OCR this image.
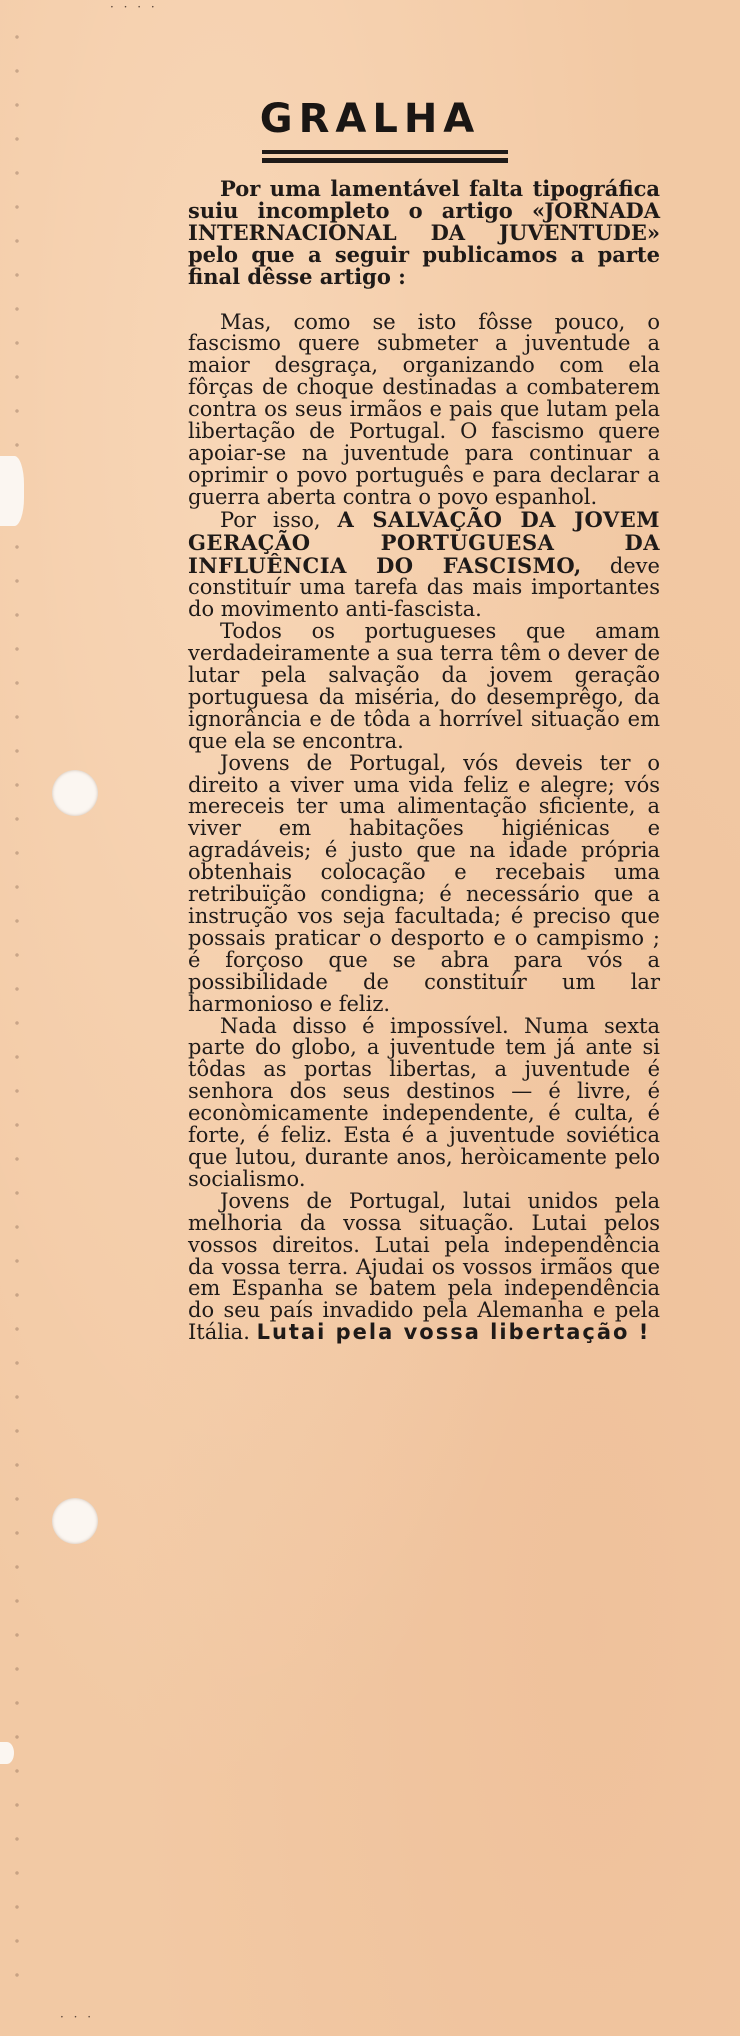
· · · ·
· · ·
GRALHA

Por uma lamentável falta tipográfica suiu incompleto o artigo «JORNADA INTERNACIONAL DA JUVENTUDE» pelo que a seguir publicamos a parte final dêsse artigo :

Mas, como se isto fôsse pouco, o fascismo quere submeter a juventude a maior desgraça, organizando com ela fôrças de choque destinadas a combaterem contra os seus irmãos e pais que lutam pela libertação de Portugal. O fascismo quere apoiar-se na juventude para continuar a oprimir o povo português e para declarar a guerra aberta contra o povo espanhol.

Por isso, A SALVAÇÃO DA JOVEM GERAÇÃO PORTUGUESA DA INFLUÊNCIA DO FASCISMO, deve constituír uma tarefa das mais importantes do movimento anti-fascista.

Todos os portugueses que amam verdadeiramente a sua terra têm o dever de lutar pela salvação da jovem geração portuguesa da miséria, do desemprêgo, da ignorância e de tôda a horrível situação em que ela se encontra.

Jovens de Portugal, vós deveis ter o direito a viver uma vida feliz e alegre; vós mereceis ter uma alimentação sficiente, a viver em habitações higiénicas e agradáveis; é justo que na idade própria obtenhais colocação e recebais uma retribuïção condigna; é necessário que a instrução vos seja facultada; é preciso que possais praticar o desporto e o campismo ; é forçoso que se abra para vós a possibilidade de constituír um lar harmonioso e feliz.

Nada disso é impossível. Numa sexta parte do globo, a juventude tem já ante si tôdas as portas libertas, a juventude é senhora dos seus destinos — é livre, é econòmicamente independente, é culta, é forte, é feliz. Esta é a juventude soviética que lutou, durante anos, heròicamente pelo socialismo.

Jovens de Portugal, lutai unidos pela melhoria da vossa situação. Lutai pelos vossos direitos. Lutai pela independência da vossa terra. Ajudai os vossos irmãos que em Espanha se batem pela independência do seu país invadido pela Alemanha e pela Itália. Lutai pela vossa libertação !
